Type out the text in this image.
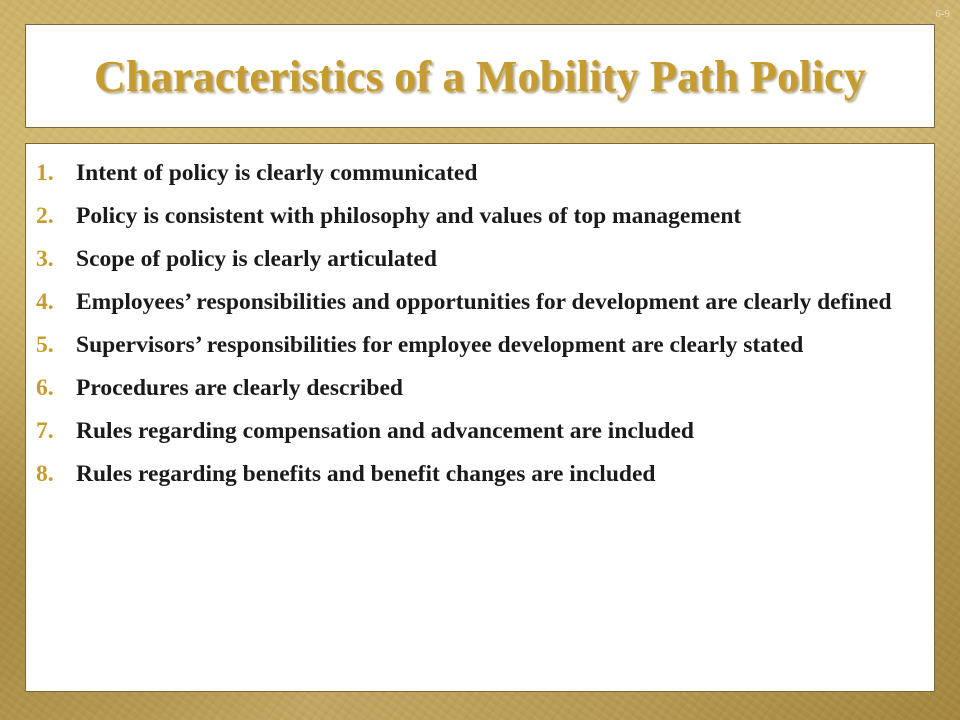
6-9
Characteristics of a Mobility Path Policy
1. Intent of policy is clearly communicated
2. Policy is consistent with philosophy and values of top management
3. Scope of policy is clearly articulated
4. Employees’ responsibilities and opportunities for development are clearly defined
5. Supervisors’ responsibilities for employee development are clearly stated
6. Procedures are clearly described
7. Rules regarding compensation and advancement are included
8. Rules regarding benefits and benefit changes are included
